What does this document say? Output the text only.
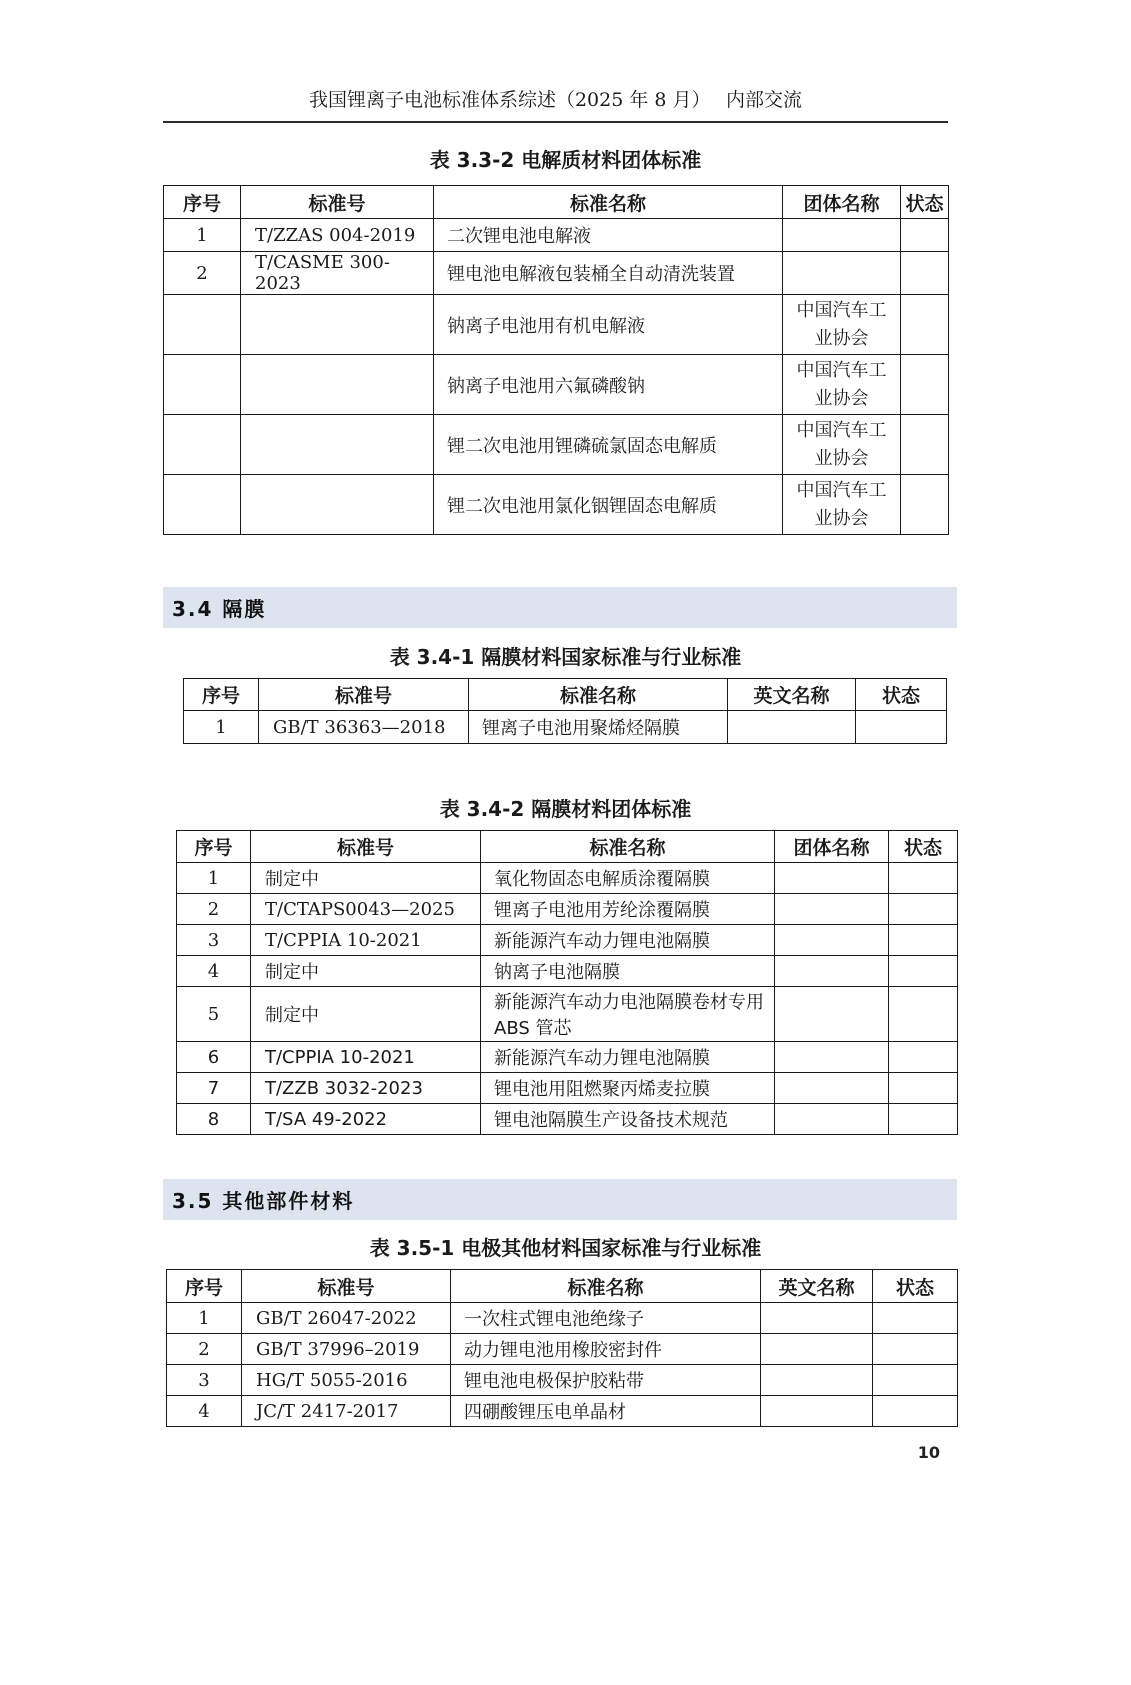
我国锂离子电池标准体系综述（2025 年 8 月）　 内部交流
表 3.3-2 电解质材料团体标准
序号	标准号	标准名称	团体名称	状态
1	T/ZZAS 004-2019	二次锂电池电解液		
2	T/CASME 300-2023	锂电池电解液包装桶全自动清洗装置		
		钠离子电池用有机电解液	中国汽车工业协会	
		钠离子电池用六氟磷酸钠	中国汽车工业协会	
		锂二次电池用锂磷硫氯固态电解质	中国汽车工业协会	
		锂二次电池用氯化铟锂固态电解质	中国汽车工业协会	
3.4 隔膜
表 3.4-1 隔膜材料国家标准与行业标准
序号	标准号	标准名称	英文名称	状态
1	GB/T 36363—2018	锂离子电池用聚烯烃隔膜		
表 3.4-2 隔膜材料团体标准
序号	标准号	标准名称	团体名称	状态
1	制定中	氧化物固态电解质涂覆隔膜		
2	T/CTAPS0043—2025	锂离子电池用芳纶涂覆隔膜		
3	T/CPPIA 10-2021	新能源汽车动力锂电池隔膜		
4	制定中	钠离子电池隔膜		
5	制定中	新能源汽车动力电池隔膜卷材专用 ABS 管芯		
6	T/CPPIA 10-2021	新能源汽车动力锂电池隔膜		
7	T/ZZB 3032-2023	锂电池用阻燃聚丙烯麦拉膜		
8	T/SA 49-2022	锂电池隔膜生产设备技术规范		
3.5 其他部件材料
表 3.5-1 电极其他材料国家标准与行业标准
序号	标准号	标准名称	英文名称	状态
1	GB/T 26047-2022	一次柱式锂电池绝缘子		
2	GB/T 37996–2019	动力锂电池用橡胶密封件		
3	HG/T 5055-2016	锂电池电极保护胶粘带		
4	JC/T 2417-2017	四硼酸锂压电单晶材		
10
